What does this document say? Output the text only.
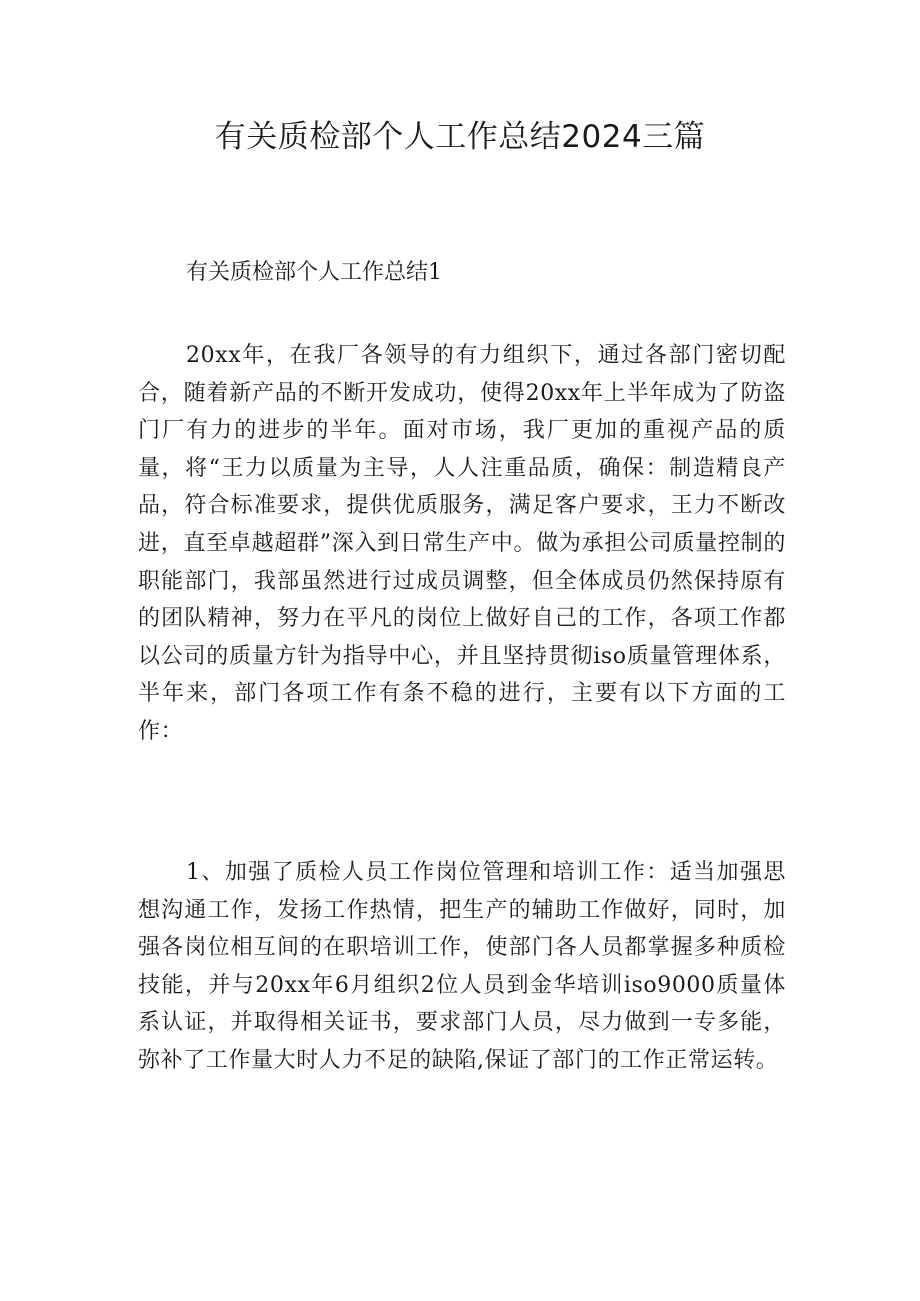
有关质检部个人工作总结2024三篇
有关质检部个人工作总结1

20xx年，在我厂各领导的有力组织下，通过各部门密切配合，随着新产品的不断开发成功，使得20xx年上半年成为了防盗门厂有力的进步的半年。面对市场，我厂更加的重视产品的质量，将“王力以质量为主导，人人注重品质，确保：制造精良产品，符合标准要求，提供优质服务，满足客户要求，王力不断改进，直至卓越超群”深入到日常生产中。做为承担公司质量控制的职能部门，我部虽然进行过成员调整，但全体成员仍然保持原有的团队精神，努力在平凡的岗位上做好自己的工作，各项工作都以公司的质量方针为指导中心，并且坚持贯彻iso质量管理体系，半年来，部门各项工作有条不稳的进行，主要有以下方面的工作：

1、加强了质检人员工作岗位管理和培训工作：适当加强思想沟通工作，发扬工作热情，把生产的辅助工作做好，同时，加强各岗位相互间的在职培训工作，使部门各人员都掌握多种质检技能，并与20xx年6月组织2位人员到金华培训iso9000质量体系认证，并取得相关证书，要求部门人员，尽力做到一专多能，弥补了工作量大时人力不足的缺陷,保证了部门的工作正常运转。
